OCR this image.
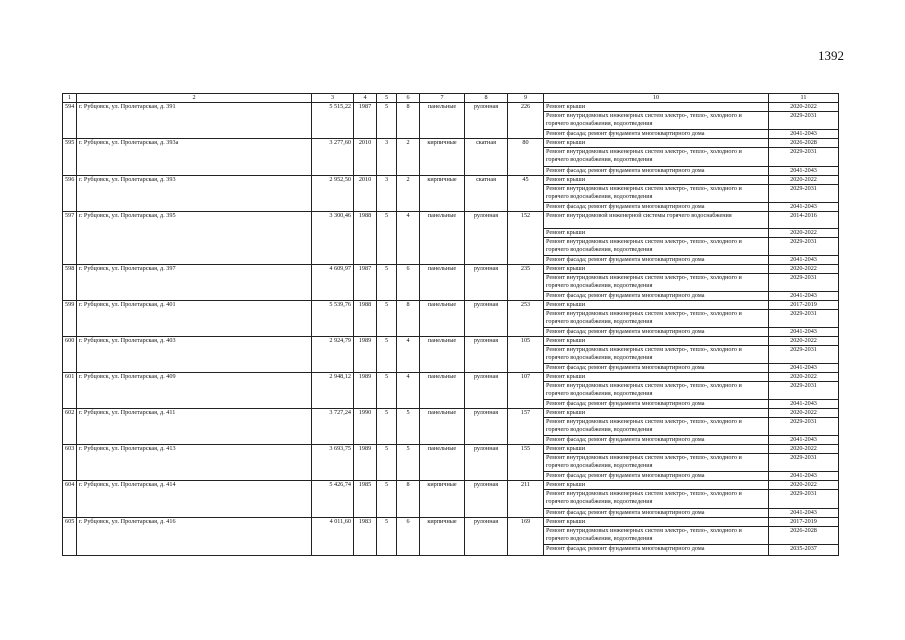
1392
1	2	3	4	5	6	7	8	9	10	11
594	г. Рубцовск, ул. Пролетарская, д. 391	5 515,22	1987	5	8	панельные	рулонная	226	Ремонт крыши	2020-2022
									Ремонт внутридомовых инженерных систем электро-, тепло-, холодного и горячего водоснабжения, водоотведения	2029-2031
									Ремонт фасада; ремонт фундамента многоквартирного дома	2041-2043
595	г. Рубцовск, ул. Пролетарская, д. 393а	3 277,60	2010	3	2	кирпичные	скатная	80	Ремонт крыши	2026-2028
									Ремонт внутридомовых инженерных систем электро-, тепло-, холодного и горячего водоснабжения, водоотведения	2029-2031
									Ремонт фасада; ремонт фундамента многоквартирного дома	2041-2043
596	г. Рубцовск, ул. Пролетарская, д. 393	2 952,50	2010	3	2	кирпичные	скатная	45	Ремонт крыши	2020-2022
									Ремонт внутридомовых инженерных систем электро-, тепло-, холодного и горячего водоснабжения, водоотведения	2029-2031
									Ремонт фасада; ремонт фундамента многоквартирного дома	2041-2043
597	г. Рубцовск, ул. Пролетарская, д. 395	3 300,46	1988	5	4	панельные	рулонная	152	Ремонт внутридомовой инженерной системы горячего водоснабжения	2014-2016
									Ремонт крыши	2020-2022
									Ремонт внутридомовых инженерных систем электро-, тепло-, холодного и горячего водоснабжения, водоотведения	2029-2031
									Ремонт фасада; ремонт фундамента многоквартирного дома	2041-2043
598	г. Рубцовск, ул. Пролетарская, д. 397	4 609,97	1987	5	6	панельные	рулонная	235	Ремонт крыши	2020-2022
									Ремонт внутридомовых инженерных систем электро-, тепло-, холодного и горячего водоснабжения, водоотведения	2029-2031
									Ремонт фасада; ремонт фундамента многоквартирного дома	2041-2043
599	г. Рубцовск, ул. Пролетарская, д. 401	5 539,76	1988	5	8	панельные	рулонная	253	Ремонт крыши	2017-2019
									Ремонт внутридомовых инженерных систем электро-, тепло-, холодного и горячего водоснабжения, водоотведения	2029-2031
									Ремонт фасада; ремонт фундамента многоквартирного дома	2041-2043
600	г. Рубцовск, ул. Пролетарская, д. 403	2 924,79	1989	5	4	панельные	рулонная	105	Ремонт крыши	2020-2022
									Ремонт внутридомовых инженерных систем электро-, тепло-, холодного и горячего водоснабжения, водоотведения	2029-2031
									Ремонт фасада; ремонт фундамента многоквартирного дома	2041-2043
601	г. Рубцовск, ул. Пролетарская, д. 409	2 948,12	1989	5	4	панельные	рулонная	107	Ремонт крыши	2020-2022
									Ремонт внутридомовых инженерных систем электро-, тепло-, холодного и горячего водоснабжения, водоотведения	2029-2031
									Ремонт фасада; ремонт фундамента многоквартирного дома	2041-2043
602	г. Рубцовск, ул. Пролетарская, д. 411	3 727,24	1990	5	5	панельные	рулонная	157	Ремонт крыши	2020-2022
									Ремонт внутридомовых инженерных систем электро-, тепло-, холодного и горячего водоснабжения, водоотведения	2029-2031
									Ремонт фасада; ремонт фундамента многоквартирного дома	2041-2043
603	г. Рубцовск, ул. Пролетарская, д. 413	3 693,75	1989	5	5	панельные	рулонная	155	Ремонт крыши	2020-2022
									Ремонт внутридомовых инженерных систем электро-, тепло-, холодного и горячего водоснабжения, водоотведения	2029-2031
									Ремонт фасада; ремонт фундамента многоквартирного дома	2041-2043
604	г. Рубцовск, ул. Пролетарская, д. 414	5 426,74	1985	5	8	кирпичные	рулонная	211	Ремонт крыши	2020-2022
									Ремонт внутридомовых инженерных систем электро-, тепло-, холодного и горячего водоснабжения, водоотведения	2029-2031
									Ремонт фасада; ремонт фундамента многоквартирного дома	2041-2043
605	г. Рубцовск, ул. Пролетарская, д. 416	4 011,60	1983	5	6	кирпичные	рулонная	169	Ремонт крыши	2017-2019
									Ремонт внутридомовых инженерных систем электро-, тепло-, холодного и горячего водоснабжения, водоотведения	2026-2028
									Ремонт фасада; ремонт фундамента многоквартирного дома	2035-2037
